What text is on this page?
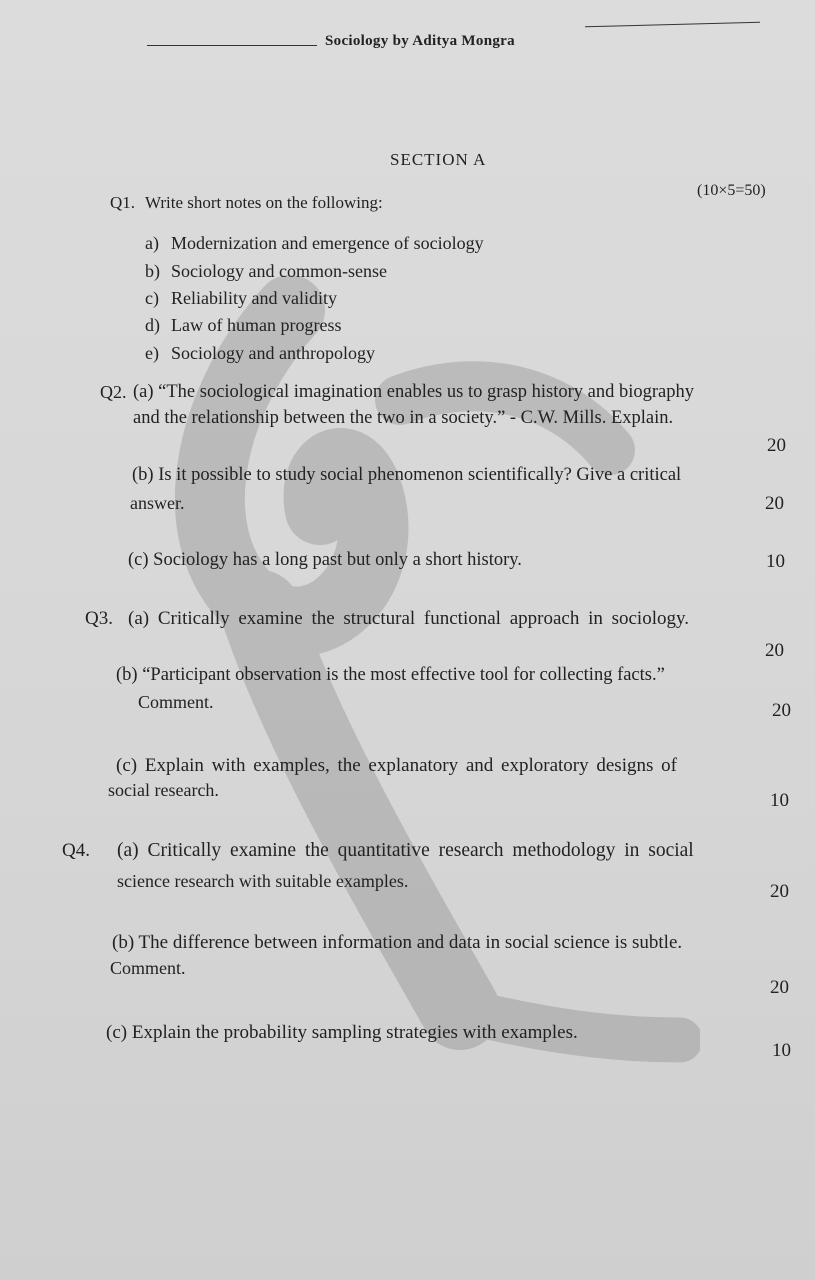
Sociology by Aditya Mongra
SECTION A
Q1. Write short notes on the following:
(10×5=50)
a) Modernization and emergence of sociology
b) Sociology and common-sense
c) Reliability and validity
d) Law of human progress
e) Sociology and anthropology
Q2. (a) “The sociological imagination enables us to grasp history and biography
and the relationship between the two in a society.” - C.W. Mills. Explain.
20
(b) Is it possible to study social phenomenon scientifically? Give a critical
answer.	20
(c) Sociology has a long past but only a short history.	10
Q3. (a) Critically examine the structural functional approach in sociology.
20
(b) “Participant observation is the most effective tool for collecting facts.”
Comment.	20
(c) Explain with examples, the explanatory and exploratory designs of
social research.	10
Q4. (a) Critically examine the quantitative research methodology in social
science research with suitable examples.	20
(b) The difference between information and data in social science is subtle.
Comment.
20
(c) Explain the probability sampling strategies with examples.
10
